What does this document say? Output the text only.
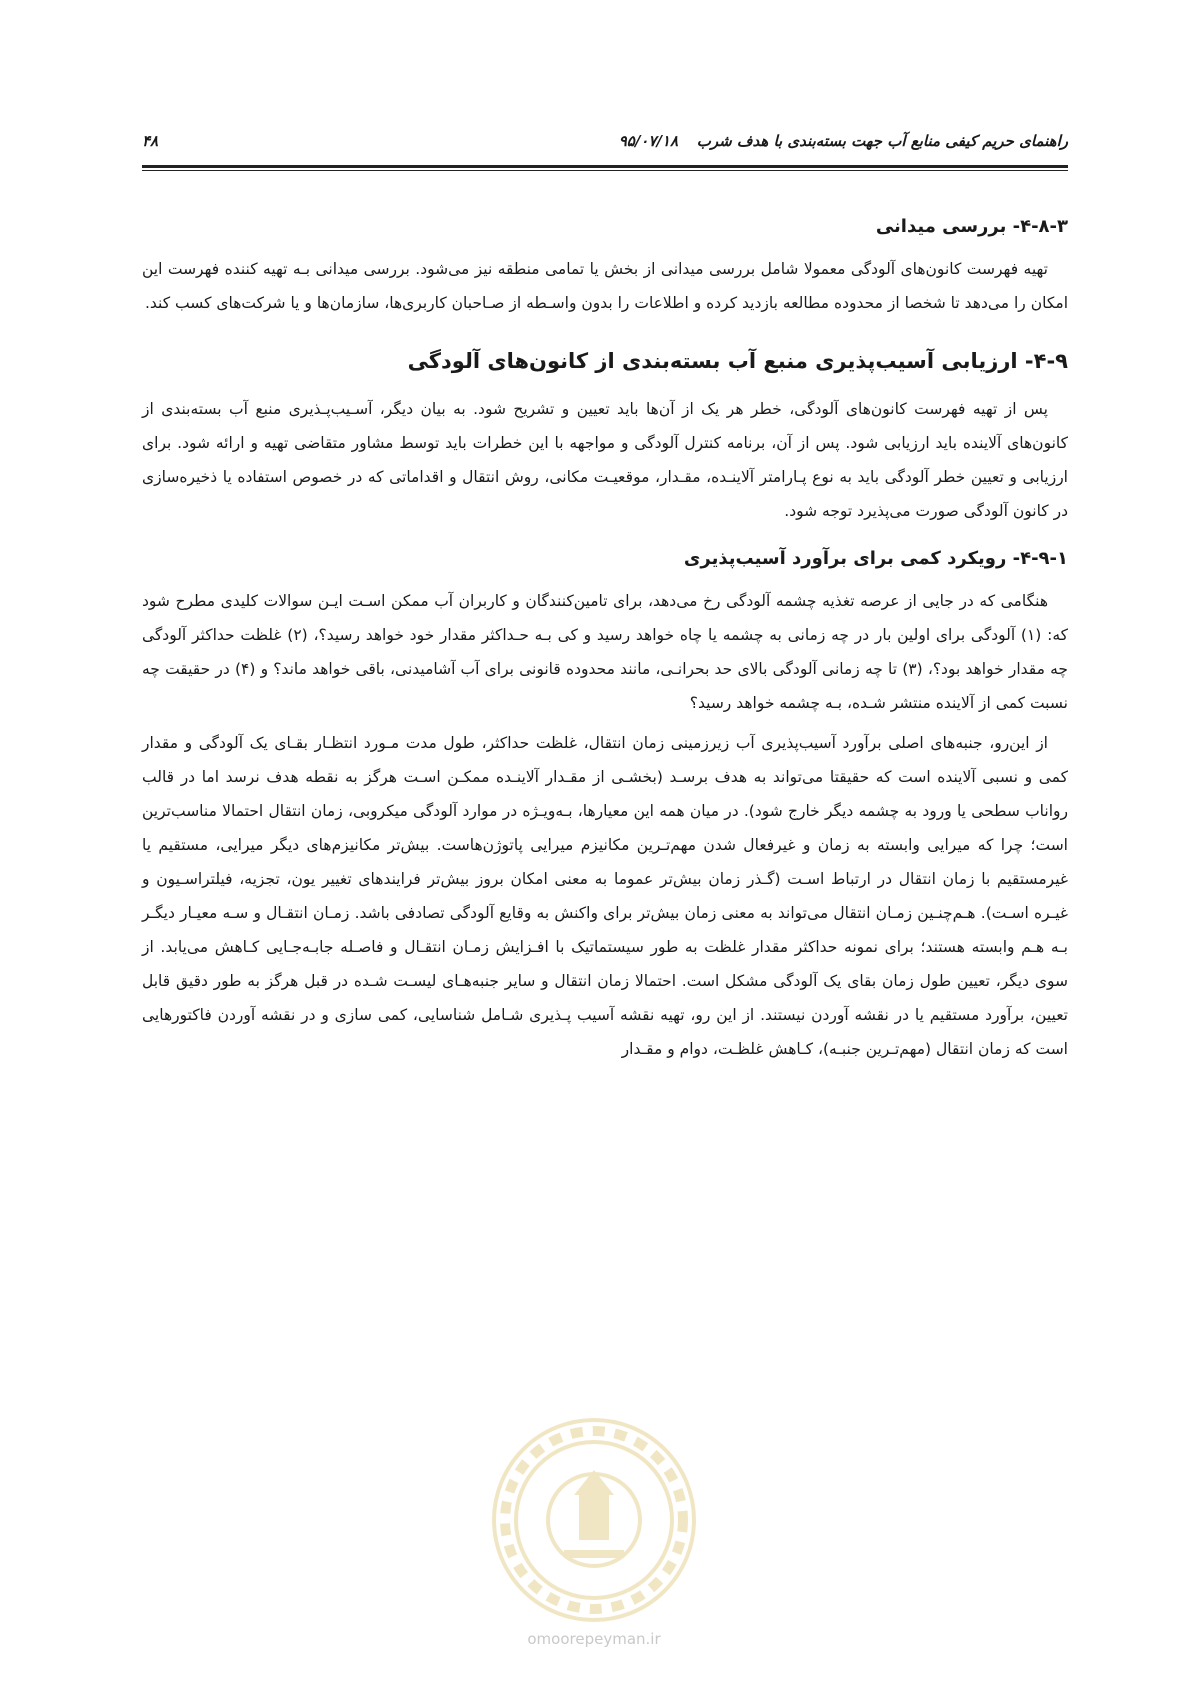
راهنمای حریم کیفی منابع آب جهت بسته‌بندی با هدف شرب
۹۵/۰۷/۱۸
۴۸
۴-۸-۳- بررسی میدانی

تهیه فهرست کانون‌های آلودگی معمولا شامل بررسی میدانی از بخش یا تمامی منطقه نیز می‌شود. بررسی میدانی بـه تهیه کننده فهرست این امکان را می‌دهد تا شخصا از محدوده مطالعه بازدید کرده و اطلاعات را بدون واسـطه از صـاحبان کاربری‌ها، سازمان‌ها و یا شرکت‌های کسب کند.

۴-۹- ارزیابی آسیب‌پذیری منبع آب بسته‌بندی از کانون‌های آلودگی

پس از تهیه فهرست کانون‌های آلودگی، خطر هر یک از آن‌ها باید تعیین و تشریح شود. به بیان دیگر، آسـیب‌پـذیری منبع آب بسته‌بندی از کانون‌های آلاینده باید ارزیابی شود. پس از آن، برنامه کنترل آلودگی و مواجهه با این خطرات باید توسط مشاور متقاضی تهیه و ارائه شود. برای ارزیابی و تعیین خطر آلودگی باید به نوع پـارامتر آلاینـده، مقـدار، موقعیـت مکانی، روش انتقال و اقداماتی که در خصوص استفاده یا ذخیره‌سازی در کانون آلودگی صورت می‌پذیرد توجه شود.

۴-۹-۱- رویکرد کمی برای برآورد آسیب‌پذیری

هنگامی که در جایی از عرصه تغذیه چشمه آلودگی رخ می‌دهد، برای تامین‌کنندگان و کاربران آب ممکن اسـت ایـن سوالات کلیدی مطرح شود که: (۱) آلودگی برای اولین بار در چه زمانی به چشمه یا چاه خواهد رسید و کی بـه حـداکثر مقدار خود خواهد رسید؟، (۲) غلظت حداکثر آلودگی چه مقدار خواهد بود؟، (۳) تا چه زمانی آلودگی بالای حد بحرانـی، مانند محدوده قانونی برای آب آشامیدنی، باقی خواهد ماند؟ و (۴) در حقیقت چه نسبت کمی از آلاینده منتشر شـده، بـه چشمه خواهد رسید؟

از این‌رو، جنبه‌های اصلی برآورد آسیب‌پذیری آب زیرزمینی زمان انتقال، غلظت حداکثر، طول مدت مـورد انتظـار بقـای یک آلودگی و مقدار کمی و نسبی آلاینده است که حقیقتا می‌تواند به هدف برسـد (بخشـی از مقـدار آلاینـده ممکـن اسـت هرگز به نقطه هدف نرسد اما در قالب رواناب سطحی یا ورود به چشمه دیگر خارج شود). در میان همه این معیارها، بـه‌ویـژه در موارد آلودگی میکروبی، زمان انتقال احتمالا مناسب‌ترین است؛ چرا که میرایی وابسته به زمان و غیرفعال شدن مهم‌تـرین مکانیزم میرایی پاتوژن‌هاست. بیش‌تر مکانیزم‌های دیگر میرایی، مستقیم یا غیرمستقیم با زمان انتقال در ارتباط اسـت (گـذر زمان بیش‌تر عموما به معنی امکان بروز بیش‌تر فرایندهای تغییر یون، تجزیه، فیلتراسـیون و غیـره اسـت). هـم‌چنـین زمـان انتقال می‌تواند به معنی زمان بیش‌تر برای واکنش به وقایع آلودگی تصادفی باشد. زمـان انتقـال و سـه معیـار دیگـر بـه هـم وابسته هستند؛ برای نمونه حداکثر مقدار غلظت به طور سیستماتیک با افـزایش زمـان انتقـال و فاصـله جابـه‌جـایی کـاهش می‌یابد. از سوی دیگر، تعیین طول زمان بقای یک آلودگی مشکل است. احتمالا زمان انتقال و سایر جنبه‌هـای لیسـت شـده در قبل هرگز به طور دقیق قابل تعیین، برآورد مستقیم یا در نقشه آوردن نیستند. از این رو، تهیه نقشه آسیب پـذیری شـامل شناسایی، کمی سازی و در نقشه آوردن فاکتورهایی است که زمان انتقال (مهم‌تـرین جنبـه)، کـاهش غلظـت، دوام و مقـدار

omoorepeyman.ir
